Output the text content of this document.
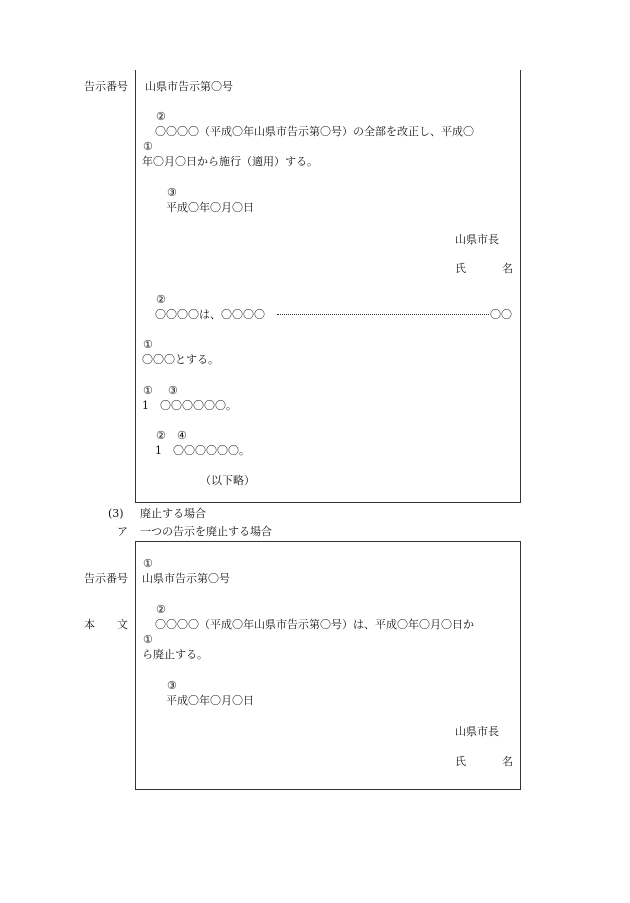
告示番号 山県市告示第〇号
②
〇〇〇〇（平成〇年山県市告示第〇号）の全部を改正し、平成〇
①
年〇月〇日から施行（適用）する。
③
平成〇年〇月〇日
山県市長
氏	名
②
〇〇〇〇は、〇〇〇〇	〇〇
①
〇〇〇とする。
① ③
1　〇〇〇〇〇〇。
② ④
1　〇〇〇〇〇〇。
（以下略）
(3) 廃止する場合
ア 一つの告示を廃止する場合
①
告示番号 山県市告示第〇号
②
本　　文 〇〇〇〇（平成〇年山県市告示第〇号）は、平成〇年〇月〇日か
①
ら廃止する。
③
平成〇年〇月〇日
山県市長
氏	名
